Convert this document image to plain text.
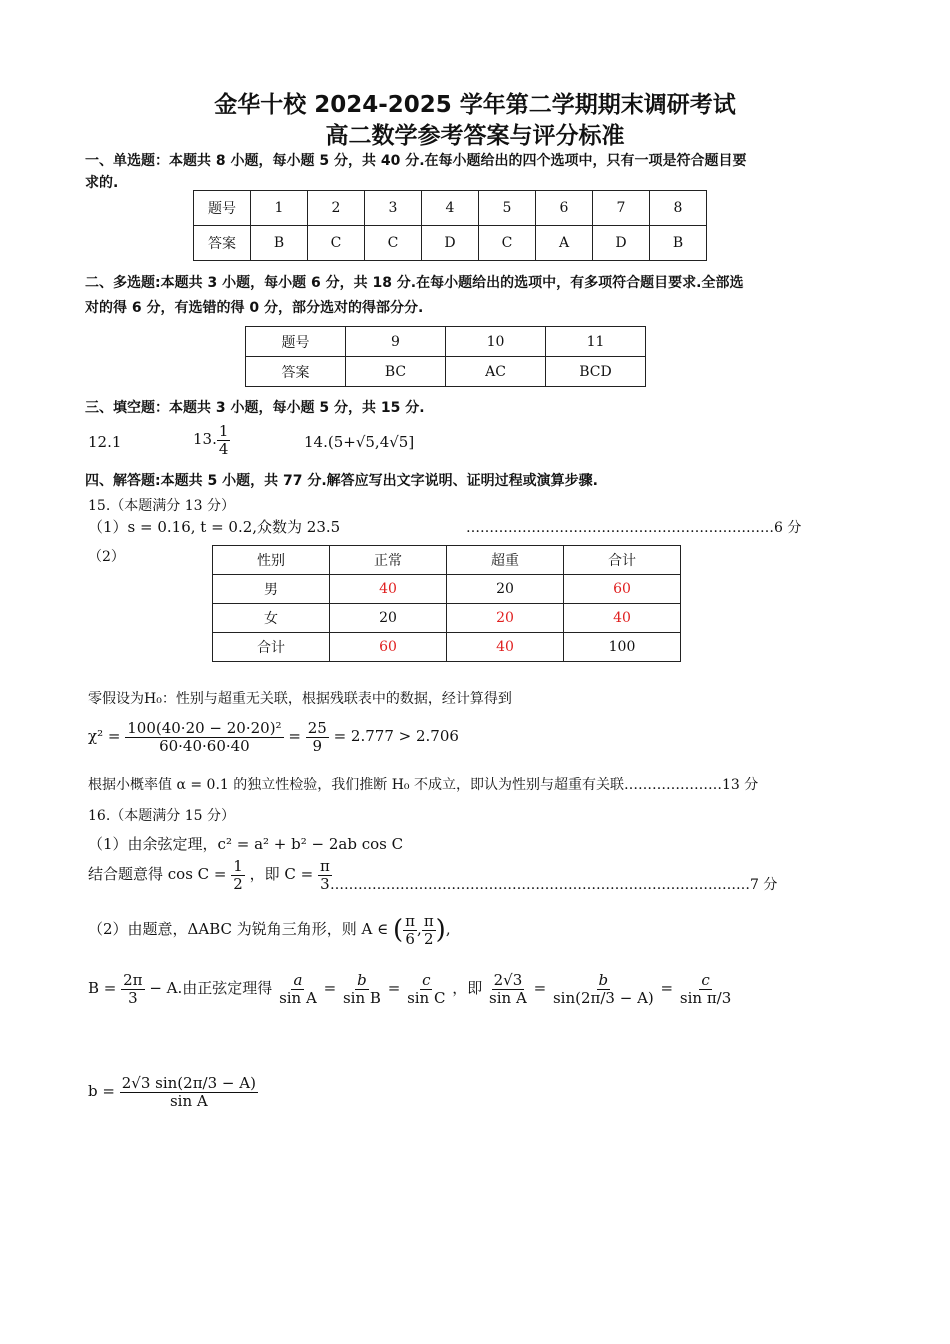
金华十校 2024-2025 学年第二学期期末调研考试
高二数学参考答案与评分标准
一、单选题：本题共 8 小题，每小题 5 分，共 40 分.在每小题给出的四个选项中，只有一项是符合题目要
求的.
题号	1	2	3	4	5	6	7	8
答案	B	C	C	D	C	A	D	B
二、多选题:本题共 3 小题，每小题 6 分，共 18 分.在每小题给出的选项中，有多项符合题目要求.全部选
对的得 6 分，有选错的得 0 分，部分选对的得部分分.
题号	9	10	11
答案	BC	AC	BCD
三、填空题：本题共 3 小题，每小题 5 分，共 15 分.
12.1	13. $\frac{1}{4}$	14.(5+√5,4√5]
四、解答题:本题共 5 小题，共 77 分.解答应写出文字说明、证明过程或演算步骤.
15.（本题满分 13 分）
（1）s = 0.16, t = 0.2,众数为 23.5	…………………………………………………………6 分
（2）	性别	正常	超重	合计
男	40	20	60
女	20	20	40
合计	60	40	100
零假设为H₀：性别与超重无关联，根据残联表中的数据，经计算得到
$\chi^2 = \frac{\text{100(40·20 − 20·20)²}}{60\cdot 40\cdot 60\cdot 40} = \frac{25}{9} = 2.777 > 2.706$
根据小概率值 α = 0.1 的独立性检验，我们推断 H₀ 不成立，即认为性别与超重有关联…………………13 分
16.（本题满分 15 分）
（1）由余弦定理，c² = a² + b² − 2ab cos C
结合题意得 $\cos C = \frac{1}{2}$ ，即 $C = \frac{\pi}{3}$
………………………………………………………………………………7 分
（2）由题意，ΔABC 为锐角三角形，则 A ∈ ( $\frac{\pi}{6}$ , $\frac{\pi}{2}$ ),
$B = \frac{2\pi}{3} - A$.由正弦定理得 $\frac{a}{\text{sin A}} = \frac{b}{\text{sin B}} = \frac{c}{\text{sin C}}$ ，即 $\frac{2√3}{\text{sin A}} = \frac{b}{\sin(2\pi/3 - A)} = \frac{c}{\text{sin π/3}}$
$b = \frac{2√3 \sin(2\pi/3 - A)}{\text{sin A}}$
